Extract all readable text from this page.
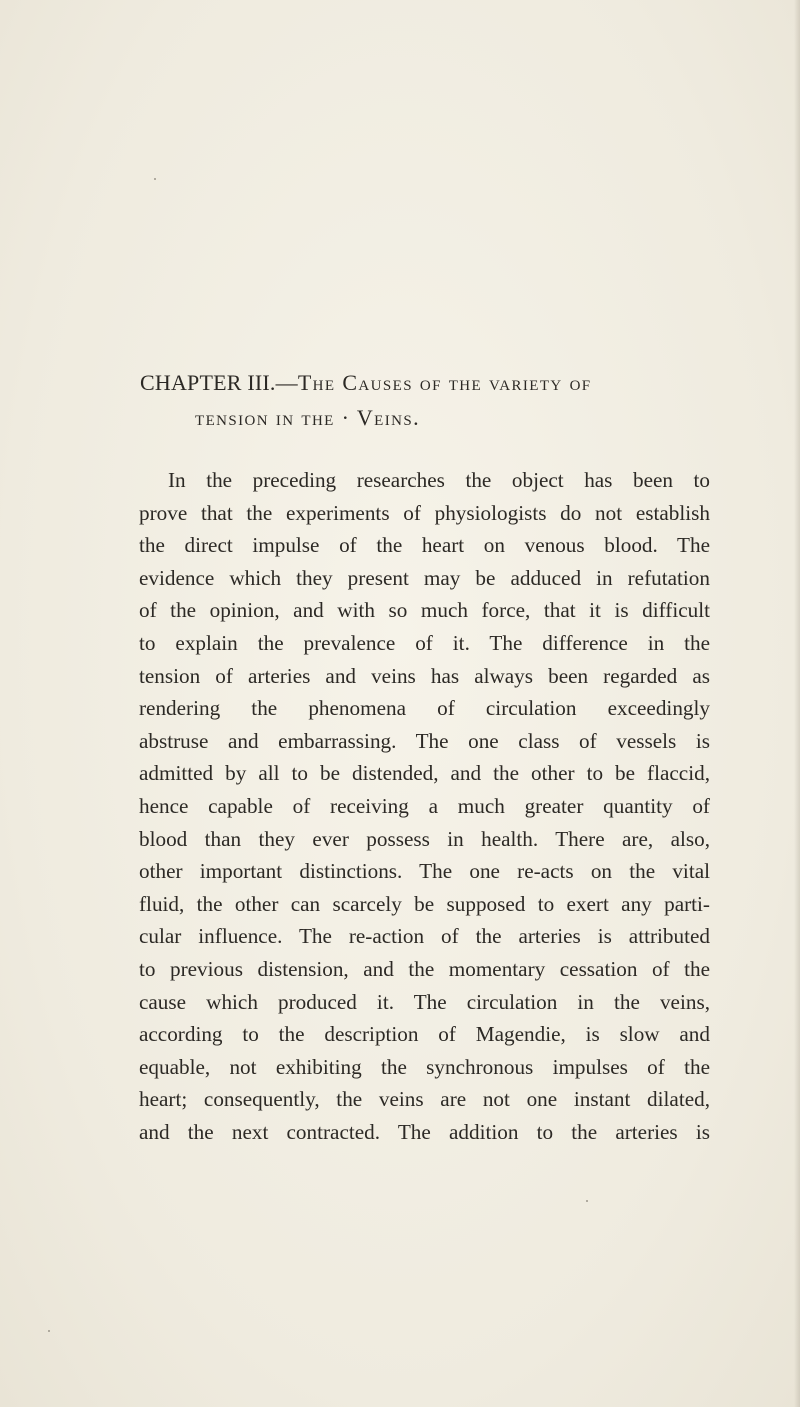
CHAPTER III.—The Causes of the variety of
tension in the · Veins.
In the preceding researches the object has been to
prove that the experiments of physiologists do not establish
the direct impulse of the heart on venous blood. The
evidence which they present may be adduced in refutation
of the opinion, and with so much force, that it is difficult
to explain the prevalence of it. The difference in the
tension of arteries and veins has always been regarded as
rendering the phenomena of circulation exceedingly
abstruse and embarrassing. The one class of vessels is
admitted by all to be distended, and the other to be flaccid,
hence capable of receiving a much greater quantity of
blood than they ever possess in health. There are, also,
other important distinctions. The one re-acts on the vital
fluid, the other can scarcely be supposed to exert any parti-
cular influence. The re-action of the arteries is attributed
to previous distension, and the momentary cessation of the
cause which produced it. The circulation in the veins,
according to the description of Magendie, is slow and
equable, not exhibiting the synchronous impulses of the
heart; consequently, the veins are not one instant dilated,
and the next contracted. The addition to the arteries is
